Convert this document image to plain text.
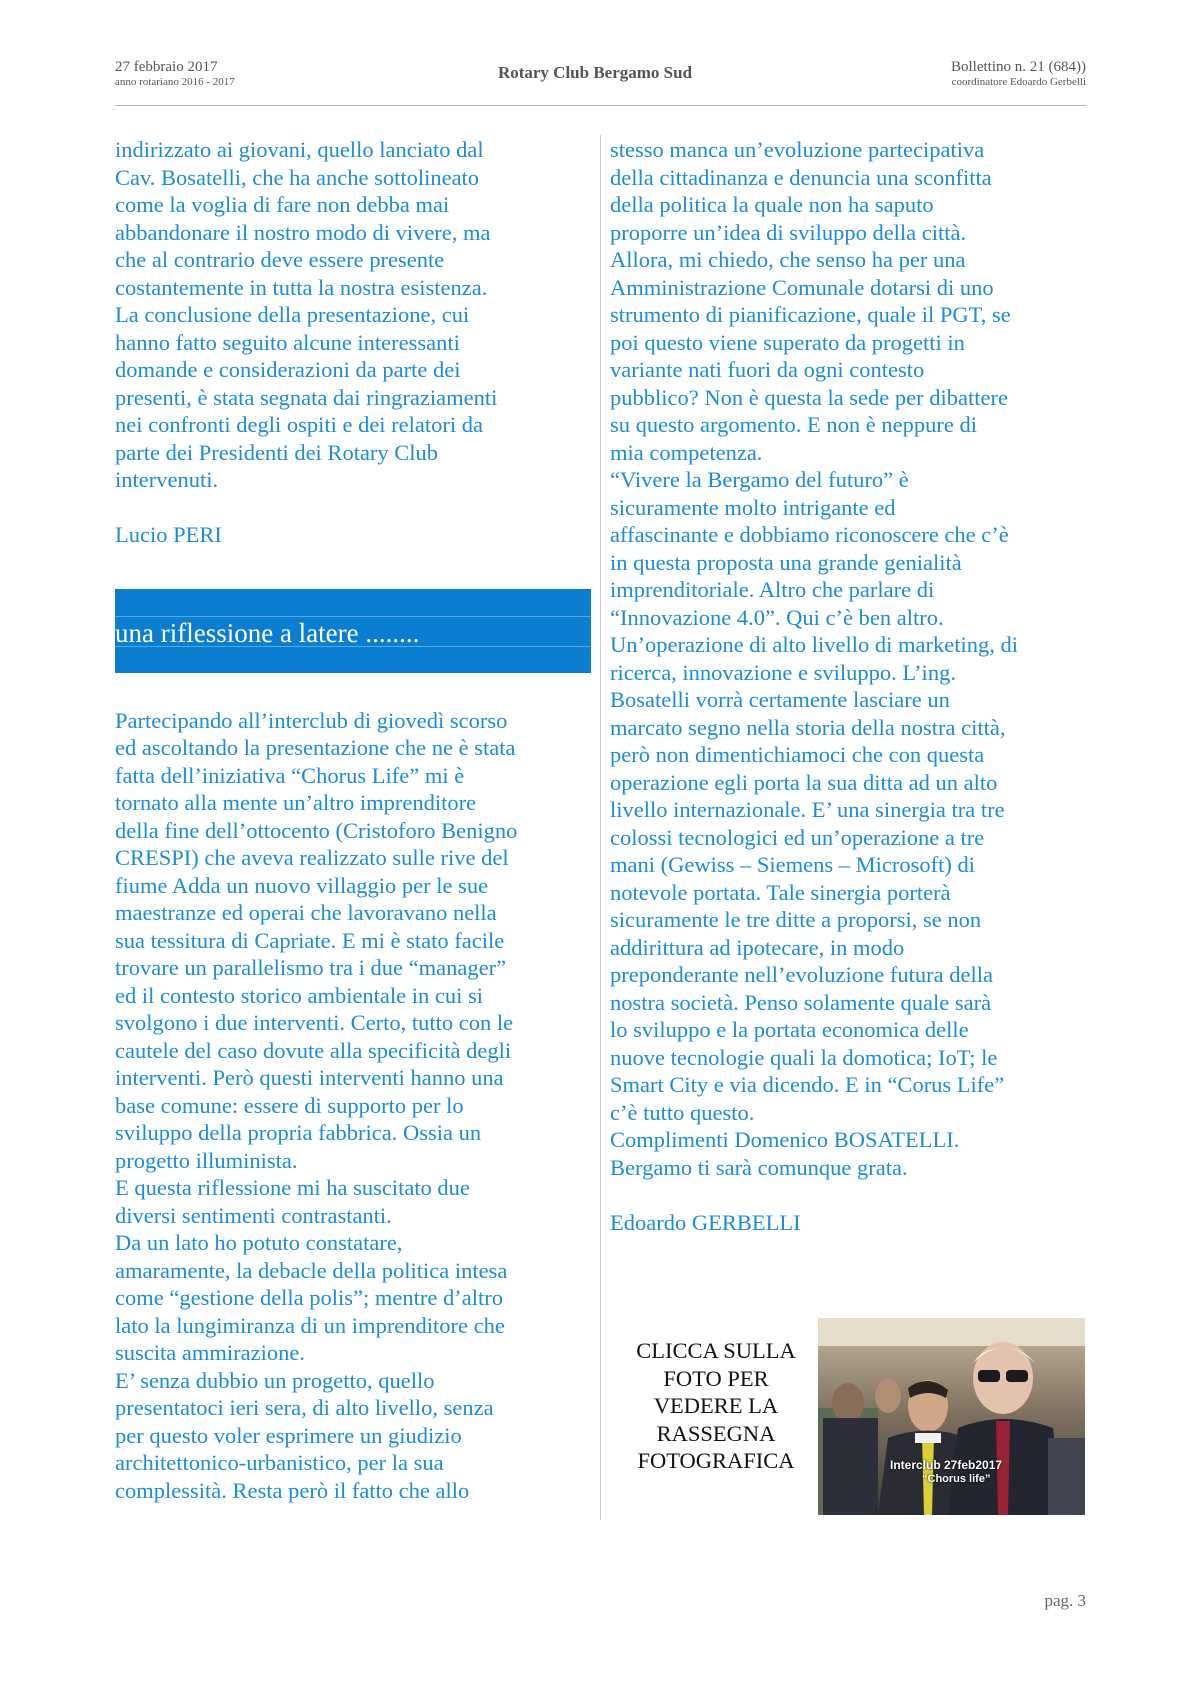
27 febbraio 2017
anno rotariano 2016 - 2017	Rotary Club Bergamo Sud	Bollettino n. 21 (684))
coordinatore Edoardo Gerbelli
indirizzato ai giovani, quello lanciato dal
Cav. Bosatelli, che ha anche sottolineato
come la voglia di fare non debba mai
abbandonare il nostro modo di vivere, ma
che al contrario deve essere presente
costantemente in tutta la nostra esistenza.
La conclusione della presentazione, cui
hanno fatto seguito alcune interessanti
domande e considerazioni da parte dei
presenti, è stata segnata dai ringraziamenti
nei confronti degli ospiti e dei relatori da
parte dei Presidenti dei Rotary Club
intervenuti.
Lucio PERI
una riflessione a latere ........
Partecipando all’interclub di giovedì scorso
ed ascoltando la presentazione che ne è stata
fatta dell’iniziativa “Chorus Life” mi è
tornato alla mente un’altro imprenditore
della fine dell’ottocento (Cristoforo Benigno
CRESPI) che aveva realizzato sulle rive del
fiume Adda un nuovo villaggio per le sue
maestranze ed operai che lavoravano nella
sua tessitura di Capriate. E mi è stato facile
trovare un parallelismo tra i due “manager”
ed il contesto storico ambientale in cui si
svolgono i due interventi. Certo, tutto con le
cautele del caso dovute alla specificità degli
interventi. Però questi interventi hanno una
base comune: essere di supporto per lo
sviluppo della propria fabbrica. Ossia un
progetto illuminista.
E questa riflessione mi ha suscitato due
diversi sentimenti contrastanti.
Da un lato ho potuto constatare,
amaramente, la debacle della politica intesa
come “gestione della polis”; mentre d’altro
lato la lungimiranza di un imprenditore che
suscita ammirazione.
E’ senza dubbio un progetto, quello
presentatoci ieri sera, di alto livello, senza
per questo voler esprimere un giudizio
architettonico-urbanistico, per la sua
complessità. Resta però il fatto che allo
stesso manca un’evoluzione partecipativa
della cittadinanza e denuncia una sconfitta
della politica la quale non ha saputo
proporre un’idea di sviluppo della città.
Allora, mi chiedo, che senso ha per una
Amministrazione Comunale dotarsi di uno
strumento di pianificazione, quale il PGT, se
poi questo viene superato da progetti in
variante nati fuori da ogni contesto
pubblico? Non è questa la sede per dibattere
su questo argomento. E non è neppure di
mia competenza.
“Vivere la Bergamo del futuro” è
sicuramente molto intrigante ed
affascinante e dobbiamo riconoscere che c’è
in questa proposta una grande genialità
imprenditoriale. Altro che parlare di
“Innovazione 4.0”. Qui c’è ben altro.
Un’operazione di alto livello di marketing, di
ricerca, innovazione e sviluppo. L’ing.
Bosatelli vorrà certamente lasciare un
marcato segno nella storia della nostra città,
però non dimentichiamoci che con questa
operazione egli porta la sua ditta ad un alto
livello internazionale. E’ una sinergia tra tre
colossi tecnologici ed un’operazione a tre
mani (Gewiss – Siemens – Microsoft) di
notevole portata. Tale sinergia porterà
sicuramente le tre ditte a proporsi, se non
addirittura ad ipotecare, in modo
preponderante nell’evoluzione futura della
nostra società. Penso solamente quale sarà
lo sviluppo e la portata economica delle
nuove tecnologie quali la domotica; IoT; le
Smart City e via dicendo. E in “Corus Life”
c’è tutto questo.
Complimenti Domenico BOSATELLI.
Bergamo ti sarà comunque grata.
Edoardo GERBELLI
CLICCA SULLA
FOTO PER
VEDERE LA
RASSEGNA
FOTOGRAFICA	Interclub 27feb2017
“Chorus life”
pag. 3
